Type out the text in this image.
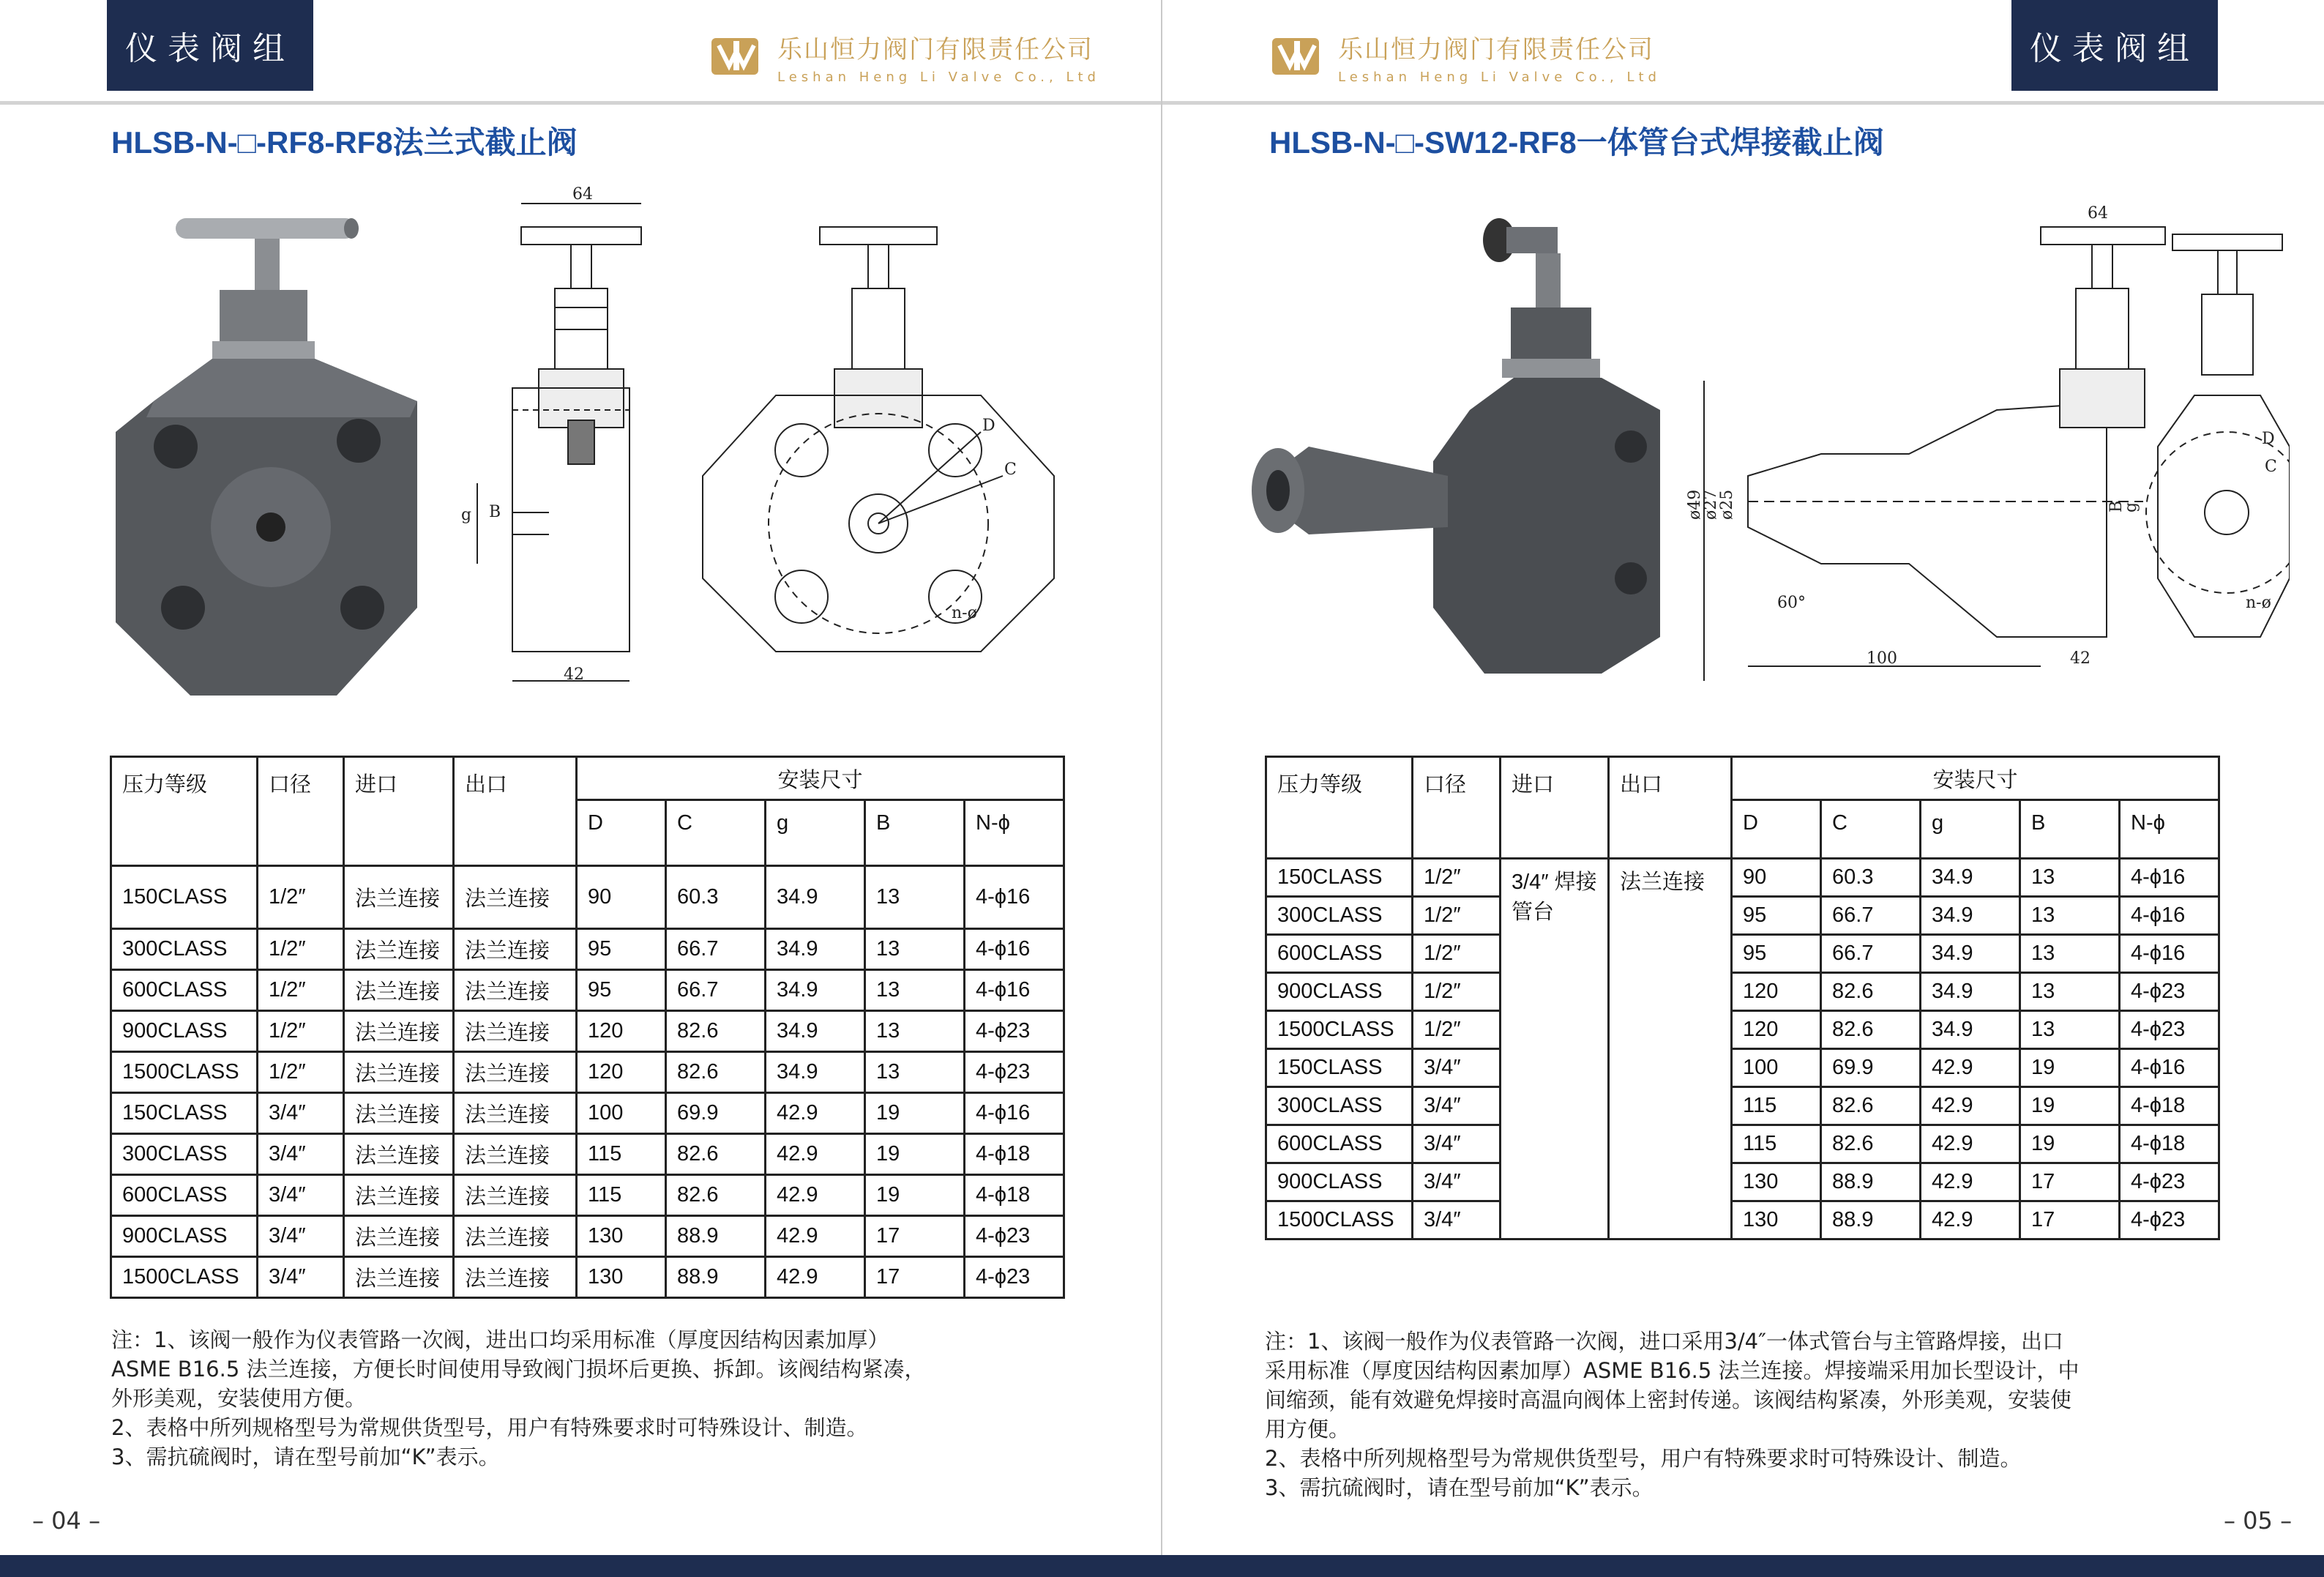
仪表阀组	乐山恒力阀门有限责任公司
Leshan Heng Li Valve Co., Ltd
HLSB-N-□-RF8-RF8法兰式截止阀
64
g B
42
D
C
n-ø
压力等级	口径	进口	出口	安装尺寸				
				D	C	g	B	N-ϕ
150CLASS	1/2″	法兰连接	法兰连接	90	60.3	34.9	13	4-ϕ16
300CLASS	1/2″	法兰连接	法兰连接	95	66.7	34.9	13	4-ϕ16
600CLASS	1/2″	法兰连接	法兰连接	95	66.7	34.9	13	4-ϕ16
900CLASS	1/2″	法兰连接	法兰连接	120	82.6	34.9	13	4-ϕ23
1500CLASS	1/2″	法兰连接	法兰连接	120	82.6	34.9	13	4-ϕ23
150CLASS	3/4″	法兰连接	法兰连接	100	69.9	42.9	19	4-ϕ16
300CLASS	3/4″	法兰连接	法兰连接	115	82.6	42.9	19	4-ϕ18
600CLASS	3/4″	法兰连接	法兰连接	115	82.6	42.9	19	4-ϕ18
900CLASS	3/4″	法兰连接	法兰连接	130	88.9	42.9	17	4-ϕ23
1500CLASS	3/4″	法兰连接	法兰连接	130	88.9	42.9	17	4-ϕ23
注：1、该阀一般作为仪表管路一次阀，进出口均采用标准（厚度因结构因素加厚）
ASME B16.5 法兰连接，方便长时间使用导致阀门损坏后更换、拆卸。该阀结构紧凑，
外形美观，安装使用方便。
2、表格中所列规格型号为常规供货型号，用户有特殊要求时可特殊设计、制造。
3、需抗硫阀时，请在型号前加“K”表示。
– 04 –
仪表阀组
乐山恒力阀门有限责任公司
Leshan Heng Li Valve Co., Ltd
HLSB-N-□-SW12-RF8一体管台式焊接截止阀
ø49
ø27
ø25
64
60°
100	42
B
g
D
C
n-ø
压力等级	口径	进口	出口	安装尺寸				
				D	C	g	B	N-ϕ
150CLASS	1/2″	3/4″ 焊接管台	法兰连接	90	60.3	34.9	13	4-ϕ16
300CLASS	1/2″			95	66.7	34.9	13	4-ϕ16
600CLASS	1/2″			95	66.7	34.9	13	4-ϕ16
900CLASS	1/2″			120	82.6	34.9	13	4-ϕ23
1500CLASS	1/2″			120	82.6	34.9	13	4-ϕ23
150CLASS	3/4″			100	69.9	42.9	19	4-ϕ16
300CLASS	3/4″			115	82.6	42.9	19	4-ϕ18
600CLASS	3/4″			115	82.6	42.9	19	4-ϕ18
900CLASS	3/4″			130	88.9	42.9	17	4-ϕ23
1500CLASS	3/4″			130	88.9	42.9	17	4-ϕ23
注：1、该阀一般作为仪表管路一次阀，进口采用3/4″一体式管台与主管路焊接，出口
采用标准（厚度因结构因素加厚）ASME B16.5 法兰连接。焊接端采用加长型设计，中
间缩颈，能有效避免焊接时高温向阀体上密封传递。该阀结构紧凑，外形美观，安装使
用方便。
2、表格中所列规格型号为常规供货型号，用户有特殊要求时可特殊设计、制造。
3、需抗硫阀时，请在型号前加“K”表示。
– 05 –
